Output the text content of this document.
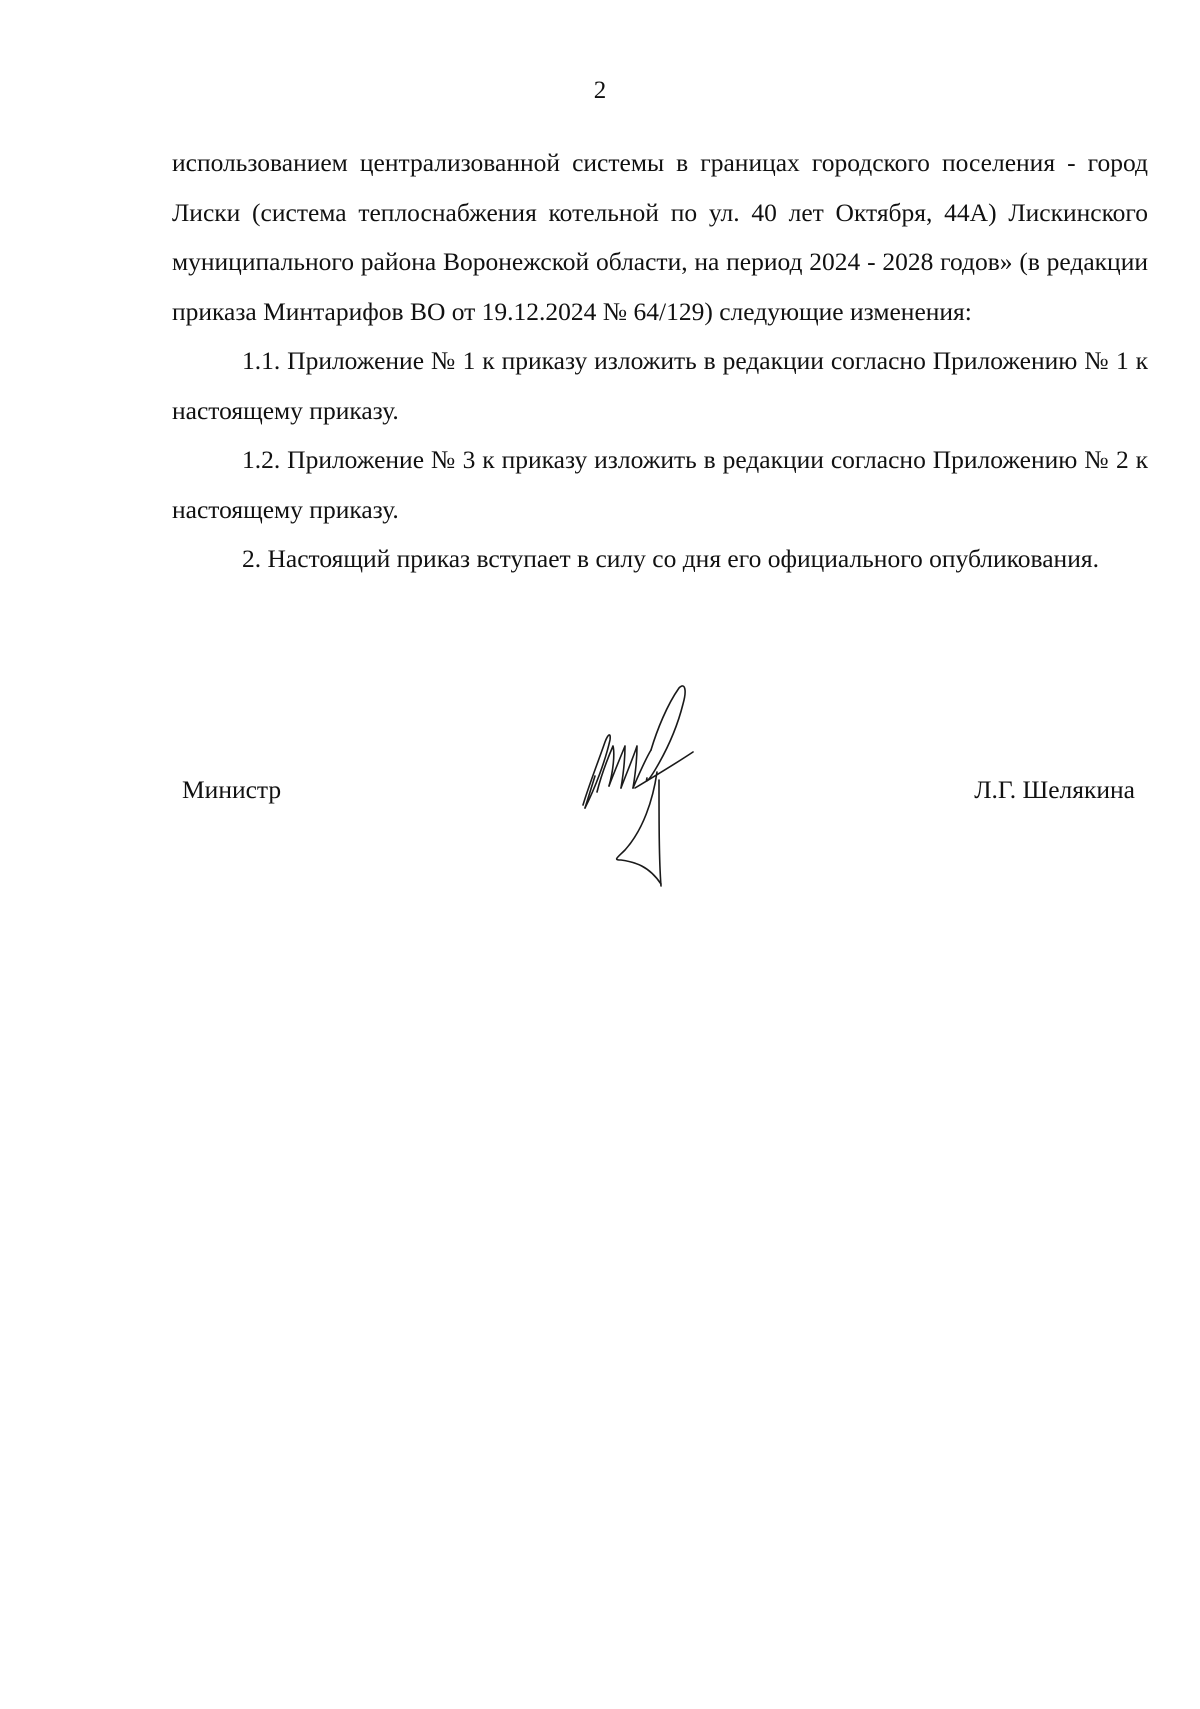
2

использованием централизованной системы в границах городского поселения - город Лиски (система теплоснабжения котельной по ул. 40 лет Октября, 44А) Лискинского муниципального района Воронежской области, на период 2024 - 2028 годов» (в редакции приказа Минтарифов ВО от 19.12.2024 № 64/129) следующие изменения:

1.1. Приложение № 1 к приказу изложить в редакции согласно Приложению № 1 к настоящему приказу.

1.2. Приложение № 3 к приказу изложить в редакции согласно Приложению № 2 к настоящему приказу.

2. Настоящий приказ вступает в силу со дня его официального опубликования.

Министр	Л.Г. Шелякина
